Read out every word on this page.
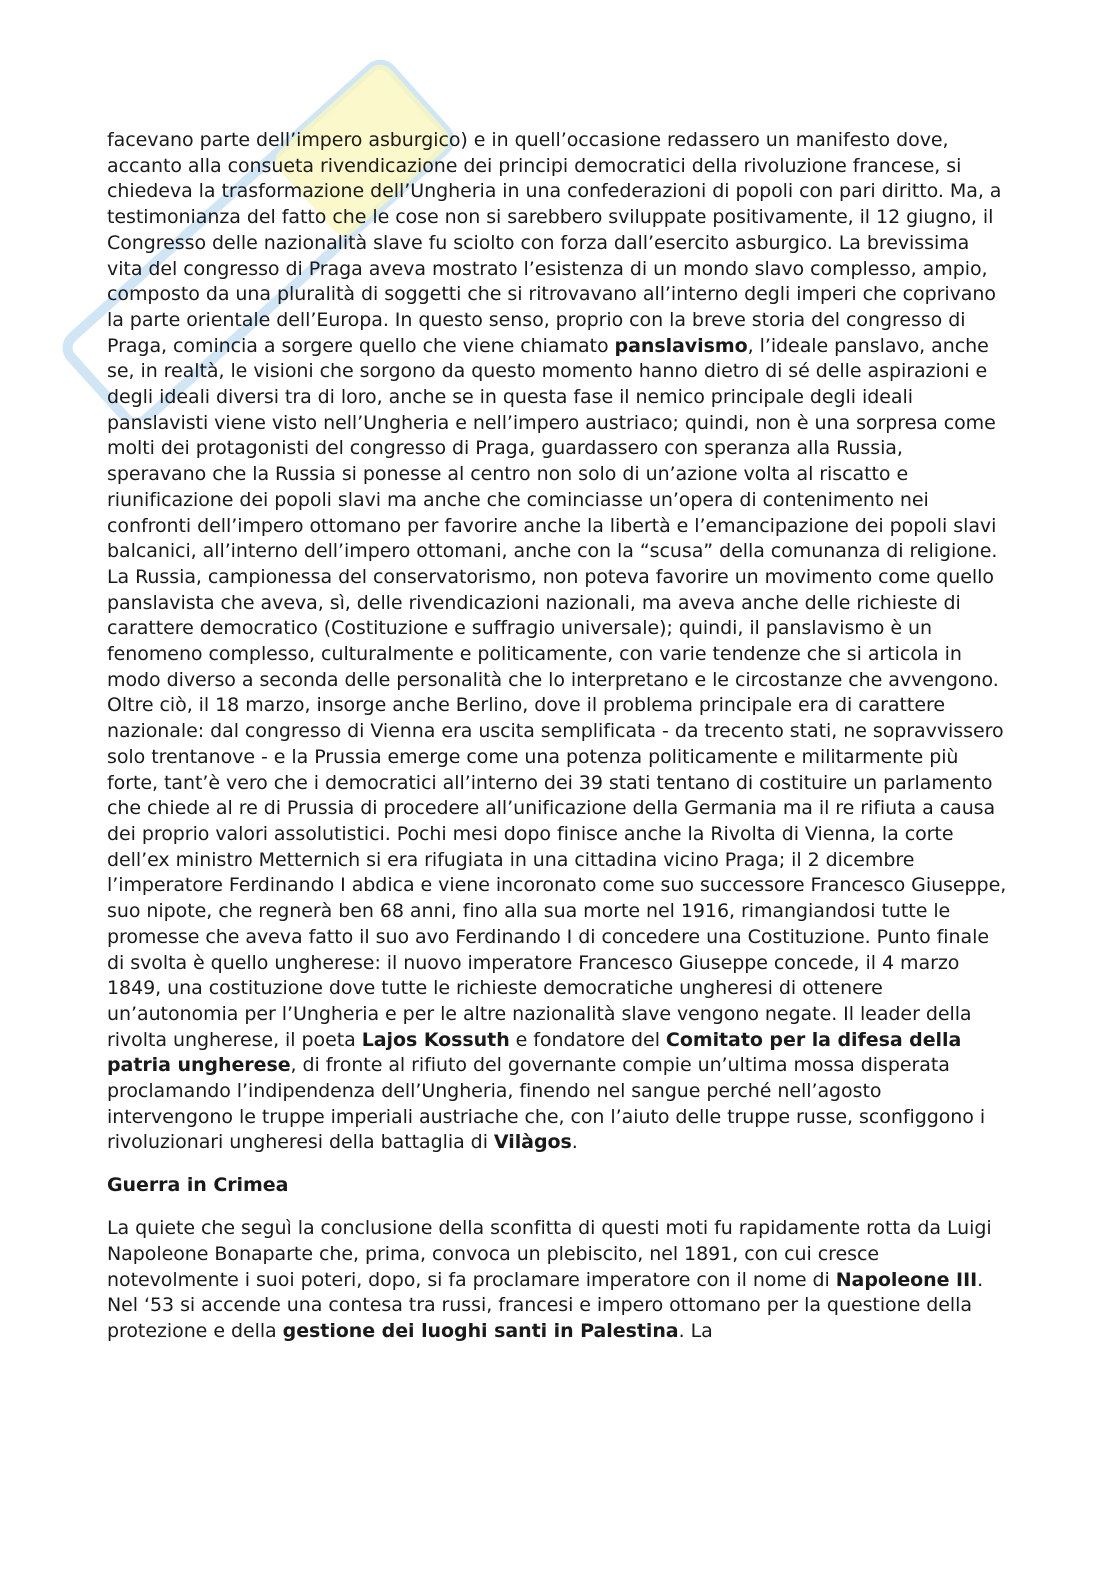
facevano parte dell’impero asburgico) e in quell’occasione redassero un manifesto dove, accanto alla consueta rivendicazione dei principi democratici della rivoluzione francese, si chiedeva la trasformazione dell’Ungheria in una confederazioni di popoli con pari diritto. Ma, a testimonianza del fatto che le cose non si sarebbero sviluppate positivamente, il 12 giugno, il Congresso delle nazionalità slave fu sciolto con forza dall’esercito asburgico. La brevissima vita del congresso di Praga aveva mostrato l’esistenza di un mondo slavo complesso, ampio, composto da una pluralità di soggetti che si ritrovavano all’interno degli imperi che coprivano la parte orientale dell’Europa. In questo senso, proprio con la breve storia del congresso di Praga, comincia a sorgere quello che viene chiamato panslavismo, l’ideale panslavo, anche se, in realtà, le visioni che sorgono da questo momento hanno dietro di sé delle aspirazioni e degli ideali diversi tra di loro, anche se in questa fase il nemico principale degli ideali panslavisti viene visto nell’Ungheria e nell’impero austriaco; quindi, non è una sorpresa come molti dei protagonisti del congresso di Praga, guardassero con speranza alla Russia, speravano che la Russia si ponesse al centro non solo di un’azione volta al riscatto e riunificazione dei popoli slavi ma anche che cominciasse un’opera di contenimento nei confronti dell’impero ottomano per favorire anche la libertà e l’emancipazione dei popoli slavi balcanici, all’interno dell’impero ottomani, anche con la “scusa” della comunanza di religione. La Russia, campionessa del conservatorismo, non poteva favorire un movimento come quello panslavista che aveva, sì, delle rivendicazioni nazionali, ma aveva anche delle richieste di carattere democratico (Costituzione e suffragio universale); quindi, il panslavismo è un fenomeno complesso, culturalmente e politicamente, con varie tendenze che si articola in modo diverso a seconda delle personalità che lo interpretano e le circostanze che avvengono. Oltre ciò, il 18 marzo, insorge anche Berlino, dove il problema principale era di carattere nazionale: dal congresso di Vienna era uscita semplificata - da trecento stati, ne sopravvissero solo trentanove - e la Prussia emerge come una potenza politicamente e militarmente più forte, tant’è vero che i democratici all’interno dei 39 stati tentano di costituire un parlamento che chiede al re di Prussia di procedere all’unificazione della Germania ma il re rifiuta a causa dei proprio valori assolutistici. Pochi mesi dopo finisce anche la Rivolta di Vienna, la corte dell’ex ministro Metternich si era rifugiata in una cittadina vicino Praga; il 2 dicembre l’imperatore Ferdinando I abdica e viene incoronato come suo successore Francesco Giuseppe, suo nipote, che regnerà ben 68 anni, fino alla sua morte nel 1916, rimangiandosi tutte le promesse che aveva fatto il suo avo Ferdinando I di concedere una Costituzione. Punto finale di svolta è quello ungherese: il nuovo imperatore Francesco Giuseppe concede, il 4 marzo 1849, una costituzione dove tutte le richieste democratiche ungheresi di ottenere un’autonomia per l’Ungheria e per le altre nazionalità slave vengono negate. Il leader della rivolta ungherese, il poeta Lajos Kossuth e fondatore del Comitato per la difesa della patria ungherese, di fronte al rifiuto del governante compie un’ultima mossa disperata proclamando l’indipendenza dell’Ungheria, finendo nel sangue perché nell’agosto intervengono le truppe imperiali austriache che, con l’aiuto delle truppe russe, sconfiggono i rivoluzionari ungheresi della battaglia di Vilàgos.

Guerra in Crimea

La quiete che seguì la conclusione della sconfitta di questi moti fu rapidamente rotta da Luigi Napoleone Bonaparte che, prima, convoca un plebiscito, nel 1891, con cui cresce notevolmente i suoi poteri, dopo, si fa proclamare imperatore con il nome di Napoleone III. Nel ‘53 si accende una contesa tra russi, francesi e impero ottomano per la questione della protezione e della gestione dei luoghi santi in Palestina. La
